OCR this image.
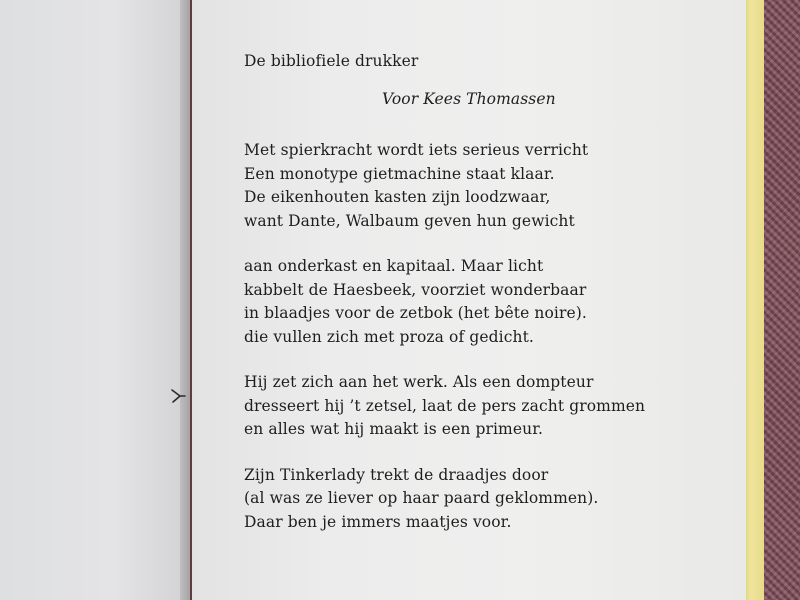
De bibliofiele drukker

Voor Kees Thomassen

Met spierkracht wordt iets serieus verricht
Een monotype gietmachine staat klaar.
De eikenhouten kasten zijn loodzwaar,
want Dante, Walbaum geven hun gewicht
aan onderkast en kapitaal. Maar licht
kabbelt de Haesbeek, voorziet wonderbaar
in blaadjes voor de zetbok (het bête noire).
die vullen zich met proza of gedicht.
Hij zet zich aan het werk. Als een dompteur
dresseert hij ’t zetsel, laat de pers zacht grommen
en alles wat hij maakt is een primeur.
Zijn Tinkerlady trekt de draadjes door
(al was ze liever op haar paard geklommen).
Daar ben je immers maatjes voor.
